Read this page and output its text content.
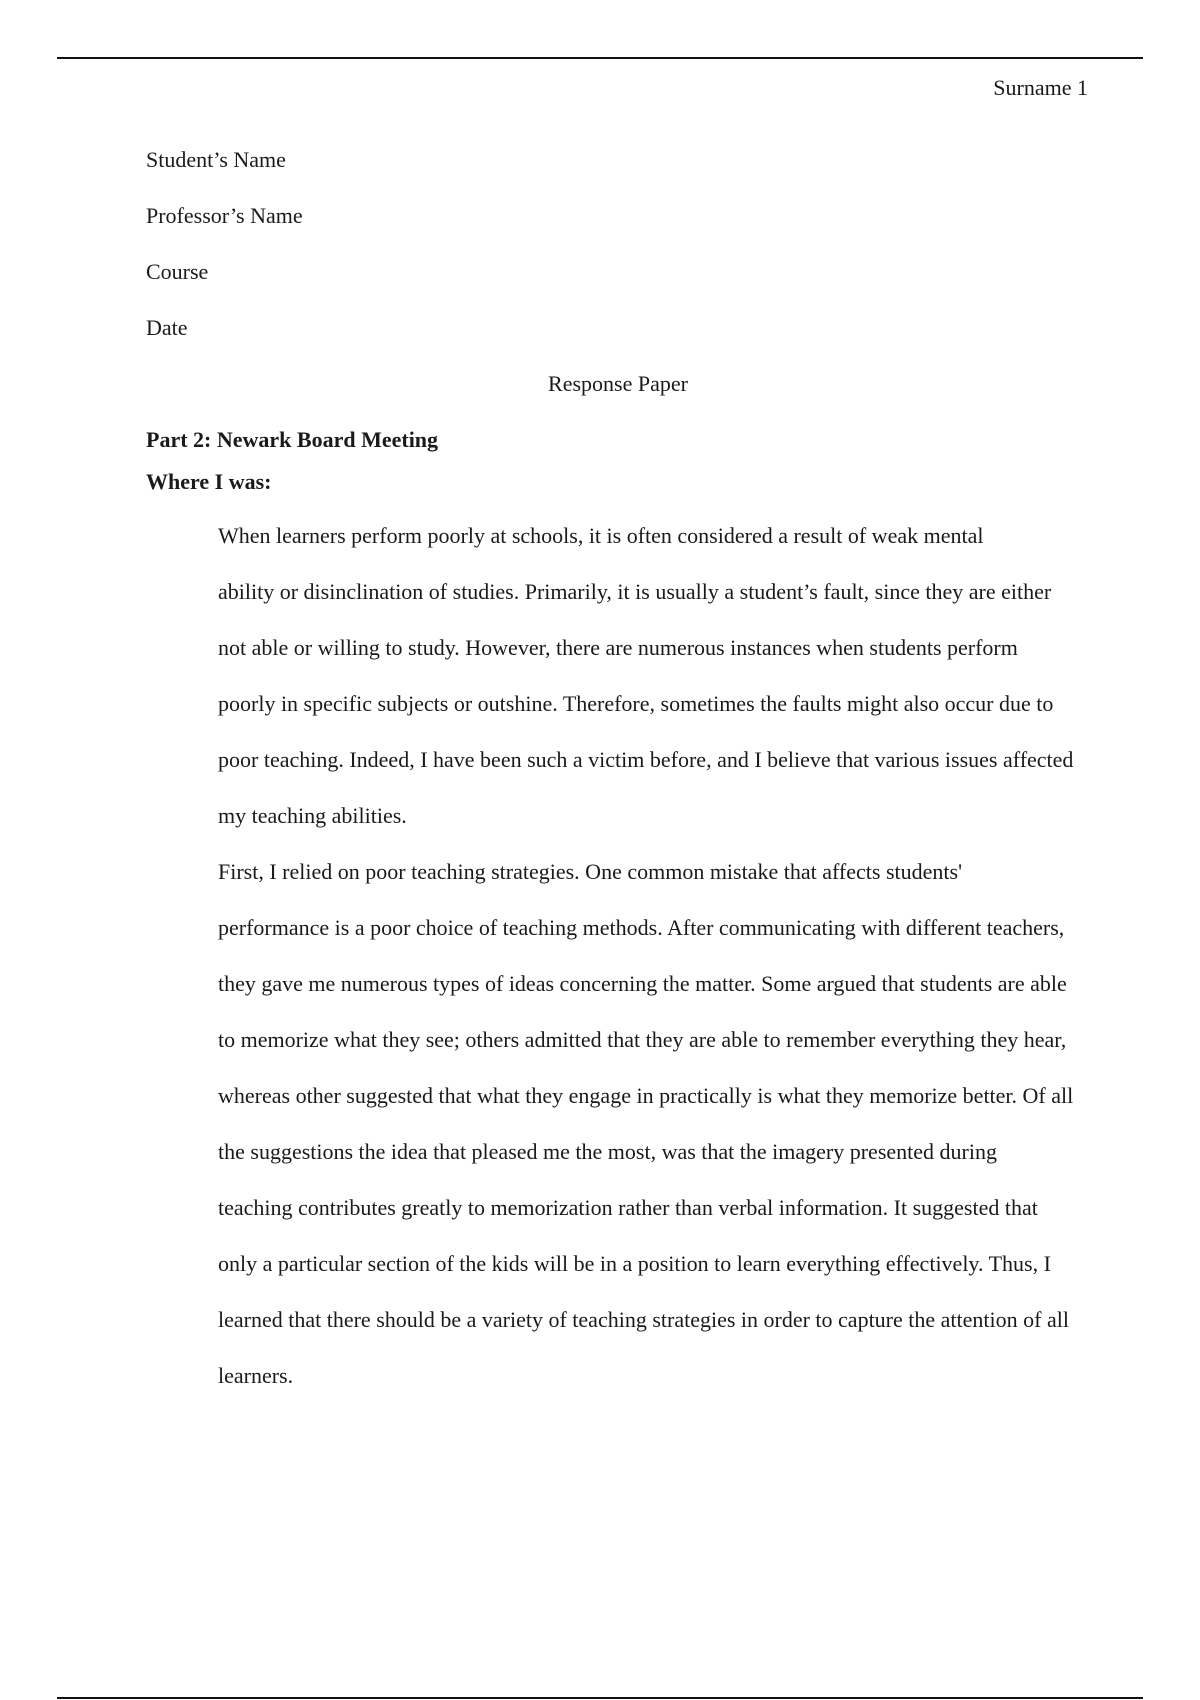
Surname 1
Student’s Name
Professor’s Name
Course
Date
Response Paper
Part 2: Newark Board Meeting
Where I was:

When learners perform poorly at schools, it is often considered a result of weak mental
ability or disinclination of studies. Primarily, it is usually a student’s fault, since they are either
not able or willing to study. However, there are numerous instances when students perform
poorly in specific subjects or outshine. Therefore, sometimes the faults might also occur due to
poor teaching. Indeed, I have been such a victim before, and I believe that various issues affected
my teaching abilities.

First, I relied on poor teaching strategies. One common mistake that affects students'
performance is a poor choice of teaching methods. After communicating with different teachers,
they gave me numerous types of ideas concerning the matter. Some argued that students are able
to memorize what they see; others admitted that they are able to remember everything they hear,
whereas other suggested that what they engage in practically is what they memorize better. Of all
the suggestions the idea that pleased me the most, was that the imagery presented during
teaching contributes greatly to memorization rather than verbal information. It suggested that
only a particular section of the kids will be in a position to learn everything effectively. Thus, I
learned that there should be a variety of teaching strategies in order to capture the attention of all
learners.
